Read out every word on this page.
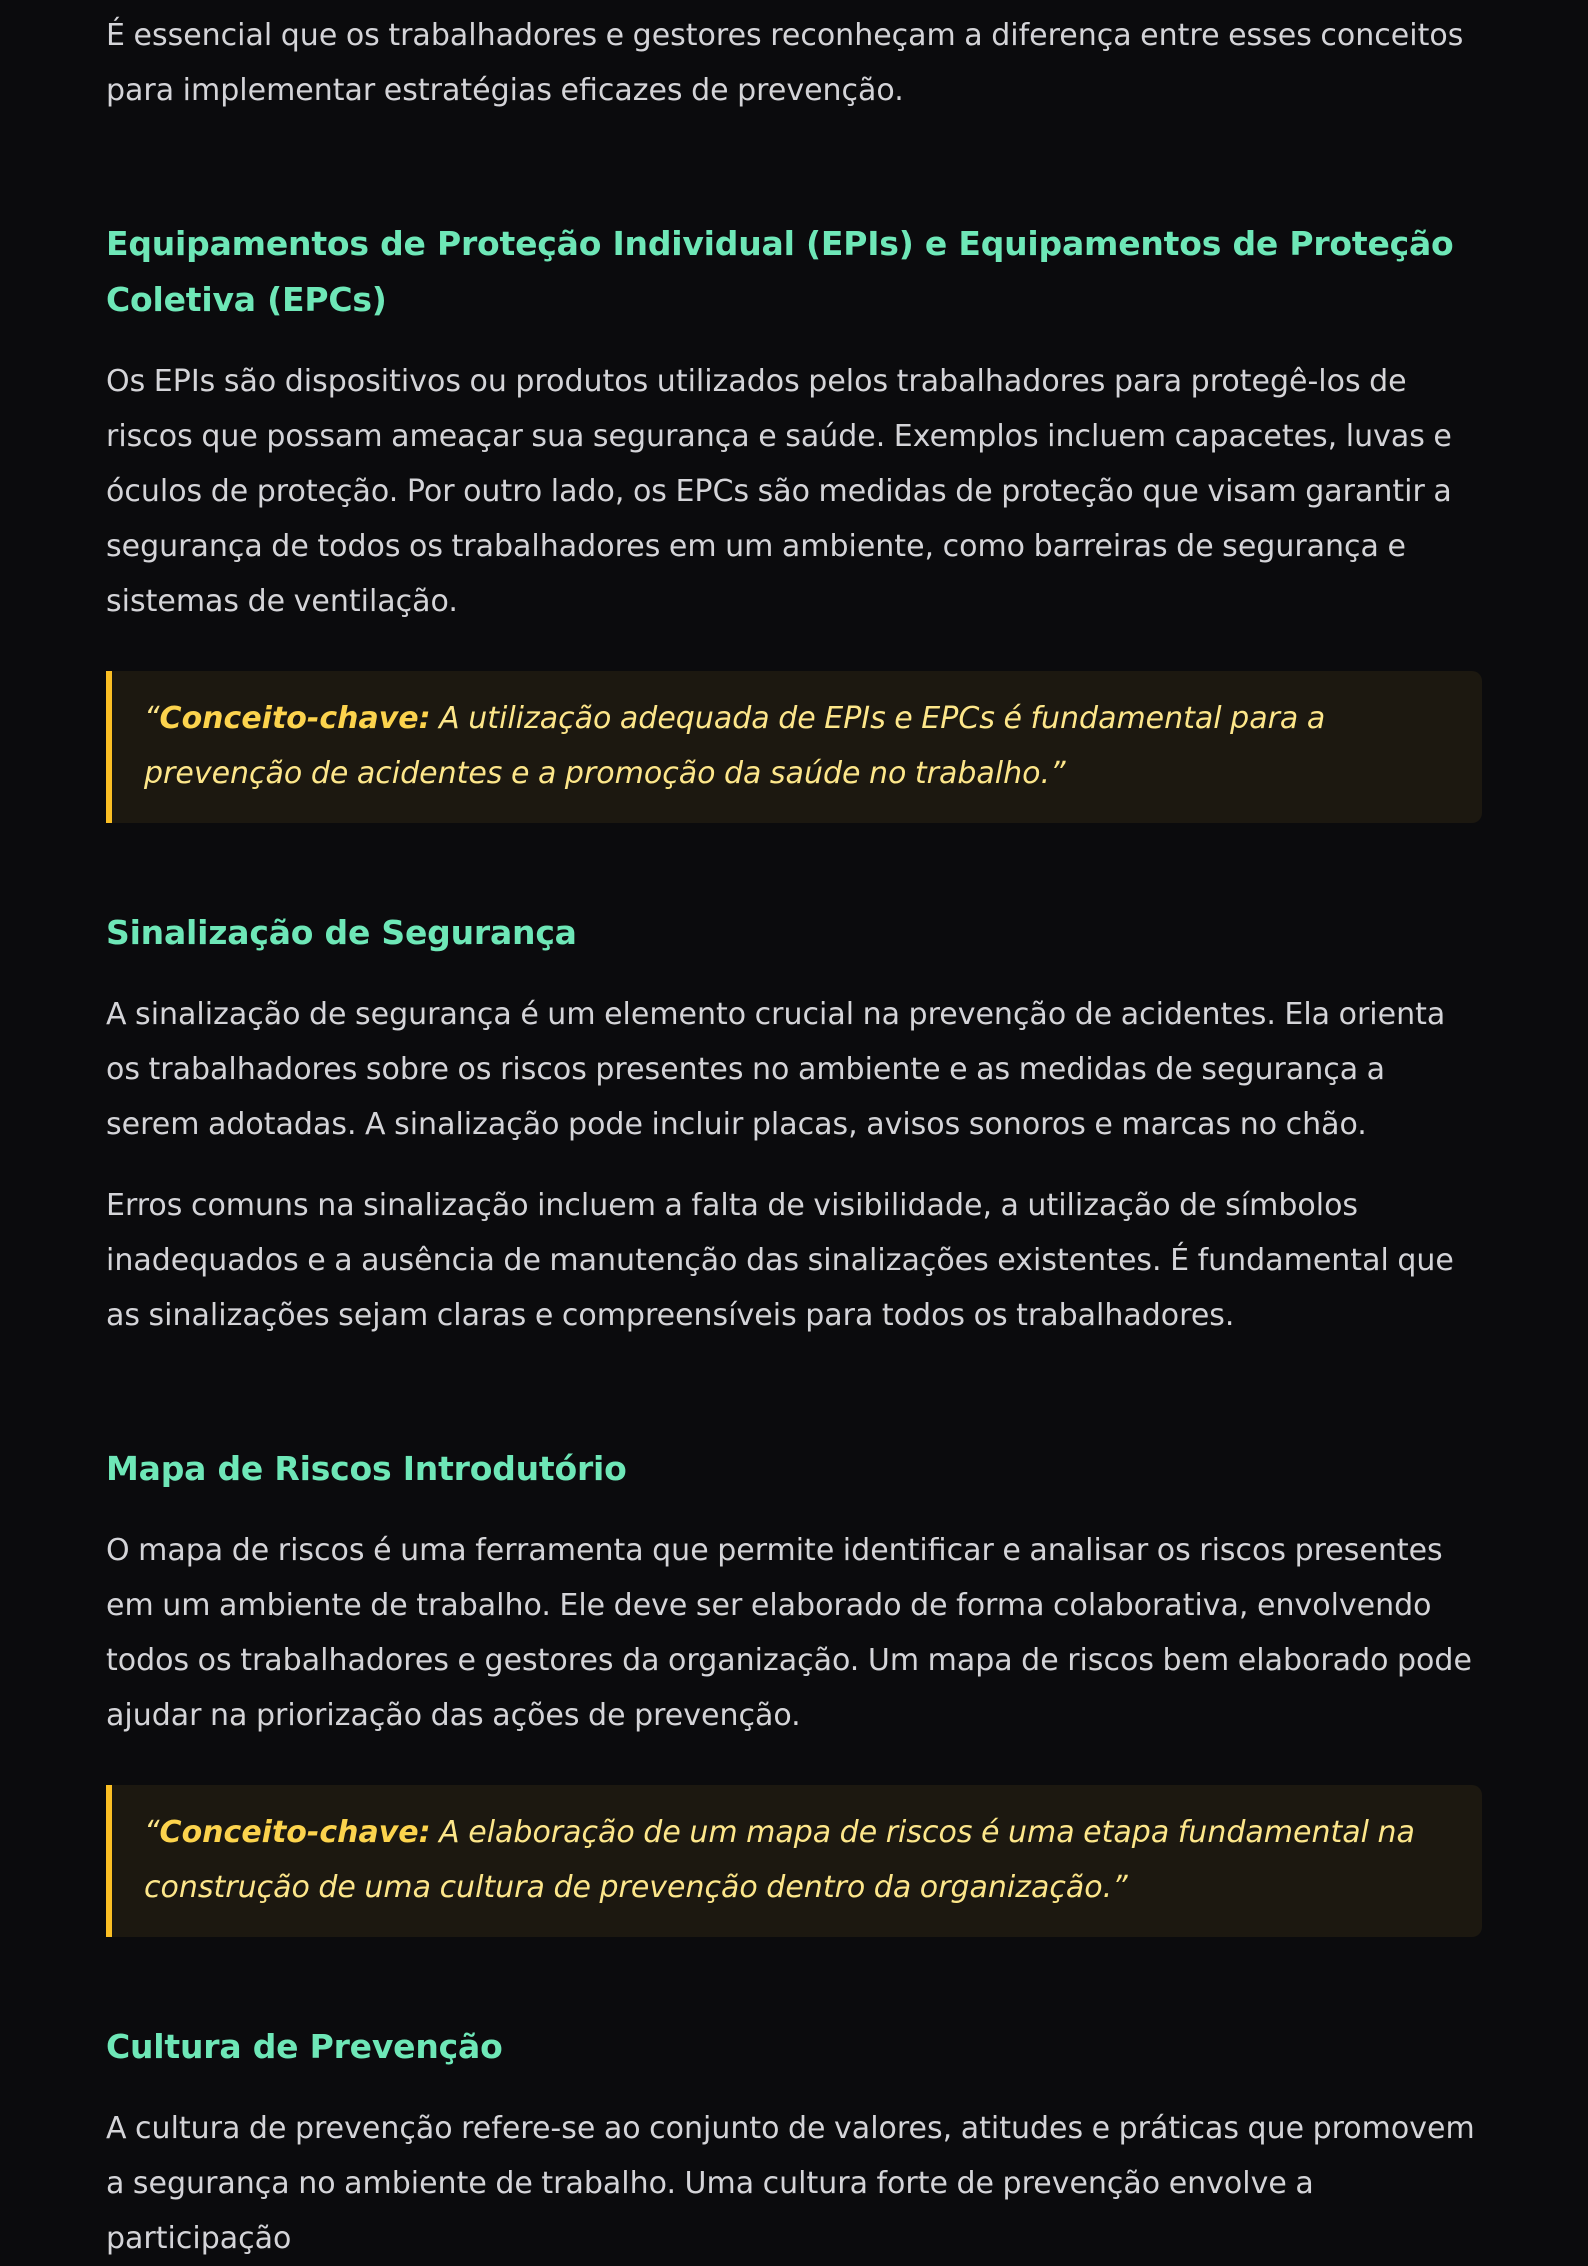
É essencial que os trabalhadores e gestores reconheçam a diferença entre esses conceitos para implementar estratégias eficazes de prevenção.

Equipamentos de Proteção Individual (EPIs) e Equipamentos de Proteção Coletiva (EPCs)

Os EPIs são dispositivos ou produtos utilizados pelos trabalhadores para protegê-los de riscos que possam ameaçar sua segurança e saúde. Exemplos incluem capacetes, luvas e óculos de proteção. Por outro lado, os EPCs são medidas de proteção que visam garantir a segurança de todos os trabalhadores em um ambiente, como barreiras de segurança e sistemas de ventilação.

“Conceito-chave: A utilização adequada de EPIs e EPCs é fundamental para a prevenção de acidentes e a promoção da saúde no trabalho.”

Sinalização de Segurança

A sinalização de segurança é um elemento crucial na prevenção de acidentes. Ela orienta os trabalhadores sobre os riscos presentes no ambiente e as medidas de segurança a serem adotadas. A sinalização pode incluir placas, avisos sonoros e marcas no chão.

Erros comuns na sinalização incluem a falta de visibilidade, a utilização de símbolos inadequados e a ausência de manutenção das sinalizações existentes. É fundamental que as sinalizações sejam claras e compreensíveis para todos os trabalhadores.

Mapa de Riscos Introdutório

O mapa de riscos é uma ferramenta que permite identificar e analisar os riscos presentes em um ambiente de trabalho. Ele deve ser elaborado de forma colaborativa, envolvendo todos os trabalhadores e gestores da organização. Um mapa de riscos bem elaborado pode ajudar na priorização das ações de prevenção.

“Conceito-chave: A elaboração de um mapa de riscos é uma etapa fundamental na construção de uma cultura de prevenção dentro da organização.”

Cultura de Prevenção

A cultura de prevenção refere-se ao conjunto de valores, atitudes e práticas que promovem a segurança no ambiente de trabalho. Uma cultura forte de prevenção envolve a participação
